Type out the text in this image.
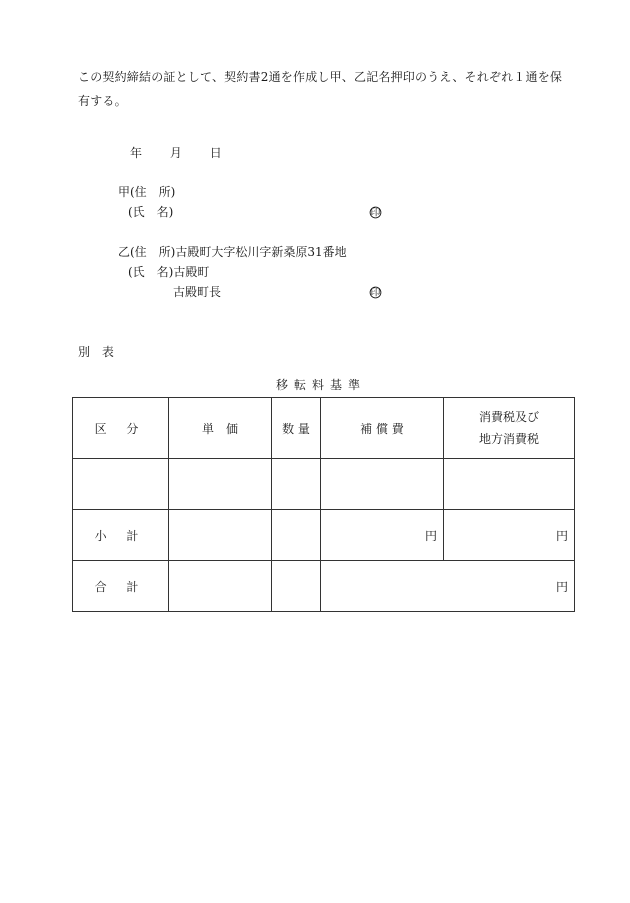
この契約締結の証として、契約書2通を作成し甲、乙記名押印のうえ、それぞれ１通を保有する。
年 月 日
甲(住　所)
(氏　名)	印
乙(住　所)古殿町大字松川字新桑原31番地
(氏　名)古殿町
古殿町長	印
別 表
移転料基準
区 分	単　価	数 量	補 償 費	消費税及び
地方消費税

小 計			円	円
合 計			円	
